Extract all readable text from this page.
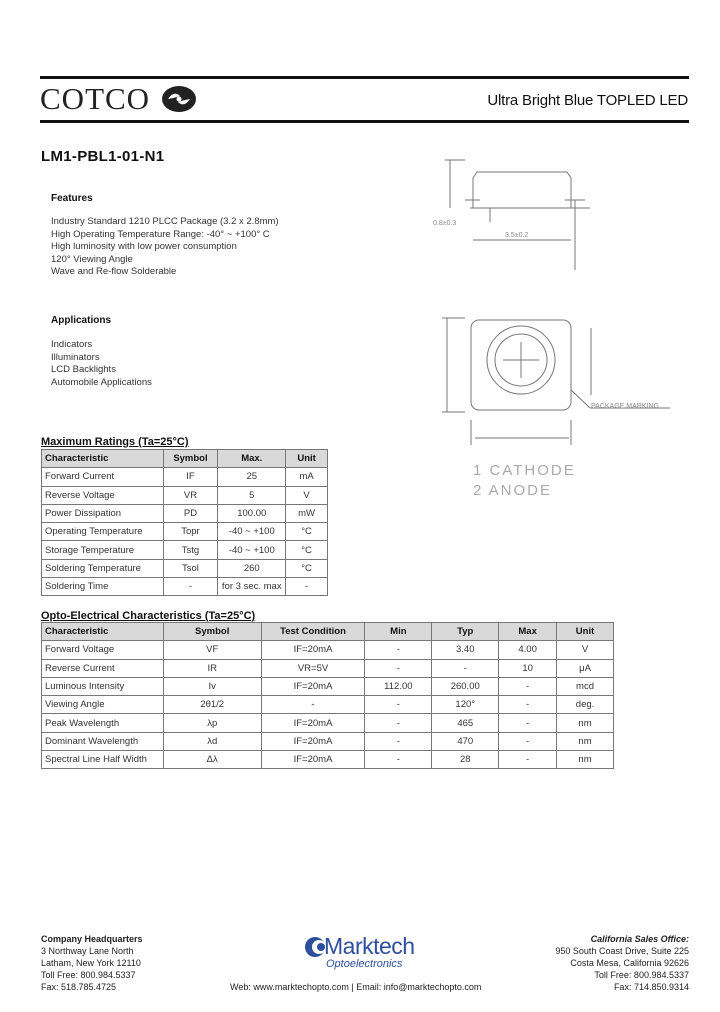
COTCO	Ultra Bright Blue TOPLED LED
LM1-PBL1-01-N1
Features
Industry Standard 1210 PLCC Package (3.2 x 2.8mm)
High Operating Temperature Range: -40° ~ +100° C
High luminosity with low power consumption
120° Viewing Angle
Wave and Re-flow Solderable
Applications
Indicators
Illuminators
LCD Backlights
Automobile Applications
0.8±0.3
3.5±0.2
PACKAGE MARKING
1 CATHODE
2 ANODE
Maximum Ratings (Ta=25°C)
Characteristic	Symbol	Max.	Unit
Forward Current	IF	25	mA
Reverse Voltage	VR	5	V
Power Dissipation	PD	100.00	mW
Operating Temperature	Topr	-40 ~ +100	°C
Storage Temperature	Tstg	-40 ~ +100	°C
Soldering Temperature	Tsol	260	°C
Soldering Time	-	for 3 sec. max	-
Opto-Electrical Characteristics (Ta=25°C)
Characteristic	Symbol	Test Condition	Min	Typ	Max	Unit
Forward Voltage	VF	IF=20mA	-	3.40	4.00	V
Reverse Current	IR	VR=5V	-	-	10	μA
Luminous Intensity	Iv	IF=20mA	112.00	260.00	-	mcd
Viewing Angle	2θ1/2	-	-	120°	-	deg.
Peak Wavelength	λp	IF=20mA	-	465	-	nm
Dominant Wavelength	λd	IF=20mA	-	470	-	nm
Spectral Line Half Width	Δλ	IF=20mA	-	28	-	nm
Company Headquarters
3 Northway Lane North
Latham, New York 12110
Toll Free: 800.984.5337
Fax: 518.785.4725
Marktech
Optoelectronics
Web: www.marktechopto.com | Email: info@marktechopto.com
California Sales Office:
950 South Coast Drive, Suite 225
Costa Mesa, California 92626
Toll Free: 800.984.5337
Fax: 714.850.9314
